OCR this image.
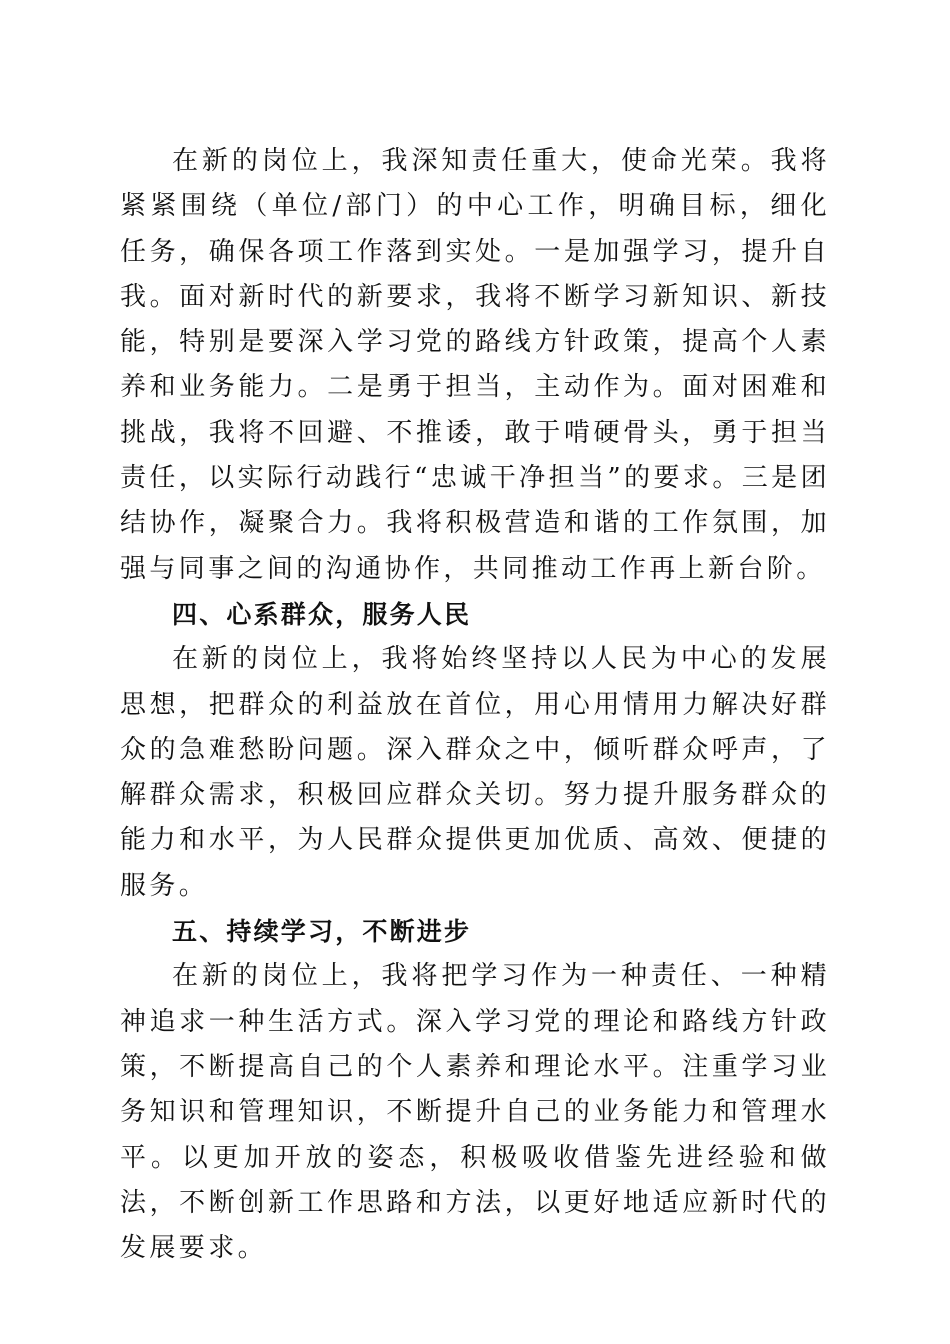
在新的岗位上，我深知责任重大，使命光荣。我将紧紧围绕（单位/部门）的中心工作，明确目标，细化任务，确保各项工作落到实处。一是加强学习，提升自我。面对新时代的新要求，我将不断学习新知识、新技能，特别是要深入学习党的路线方针政策，提高个人素养和业务能力。二是勇于担当，主动作为。面对困难和挑战，我将不回避、不推诿，敢于啃硬骨头，勇于担当责任，以实际行动践行“忠诚干净担当”的要求。三是团结协作，凝聚合力。我将积极营造和谐的工作氛围，加强与同事之间的沟通协作，共同推动工作再上新台阶。

四、心系群众，服务人民

在新的岗位上，我将始终坚持以人民为中心的发展思想，把群众的利益放在首位，用心用情用力解决好群众的急难愁盼问题。深入群众之中，倾听群众呼声，了解群众需求，积极回应群众关切。努力提升服务群众的能力和水平，为人民群众提供更加优质、高效、便捷的服务。

五、持续学习，不断进步

在新的岗位上，我将把学习作为一种责任、一种精神追求一种生活方式。深入学习党的理论和路线方针政策，不断提高自己的个人素养和理论水平。注重学习业务知识和管理知识，不断提升自己的业务能力和管理水平。以更加开放的姿态，积极吸收借鉴先进经验和做法，不断创新工作思路和方法，以更好地适应新时代的发展要求。
